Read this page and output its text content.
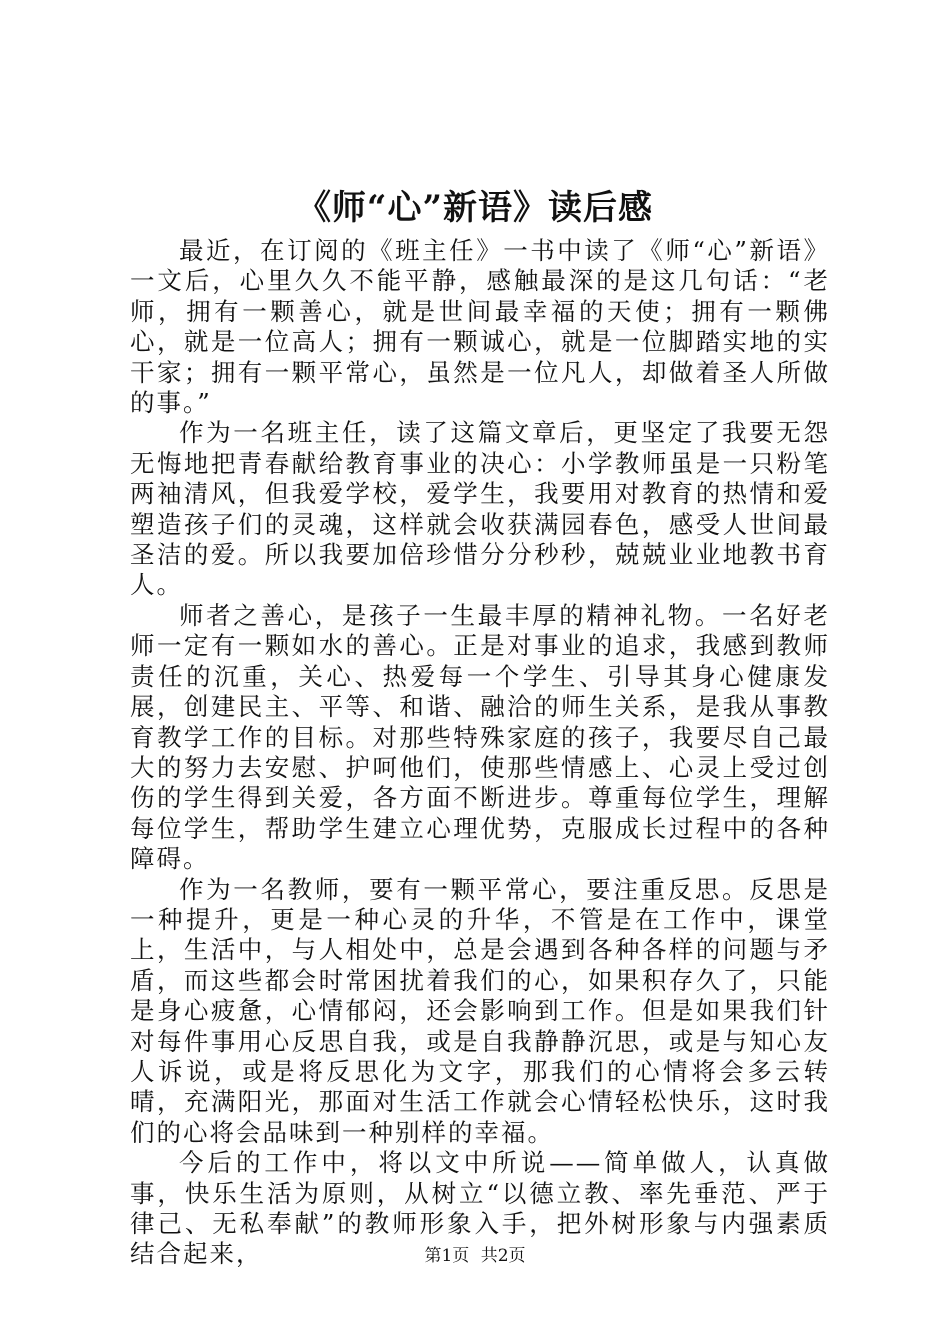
《师“心”新语》读后感

最近，在订阅的《班主任》一书中读了《师“心”新语》一文后，心里久久不能平静，感触最深的是这几句话：“老师，拥有一颗善心，就是世间最幸福的天使；拥有一颗佛心，就是一位高人；拥有一颗诚心，就是一位脚踏实地的实干家；拥有一颗平常心，虽然是一位凡人，却做着圣人所做的事。”

作为一名班主任，读了这篇文章后，更坚定了我要无怨无悔地把青春献给教育事业的决心：小学教师虽是一只粉笔两袖清风，但我爱学校，爱学生，我要用对教育的热情和爱塑造孩子们的灵魂，这样就会收获满园春色，感受人世间最圣洁的爱。所以我要加倍珍惜分分秒秒，兢兢业业地教书育人。

师者之善心，是孩子一生最丰厚的精神礼物。一名好老师一定有一颗如水的善心。正是对事业的追求，我感到教师责任的沉重，关心、热爱每一个学生、引导其身心健康发展，创建民主、平等、和谐、融洽的师生关系，是我从事教育教学工作的目标。对那些特殊家庭的孩子，我要尽自己最大的努力去安慰、护呵他们，使那些情感上、心灵上受过创伤的学生得到关爱，各方面不断进步。尊重每位学生，理解每位学生，帮助学生建立心理优势，克服成长过程中的各种障碍。

作为一名教师，要有一颗平常心，要注重反思。反思是一种提升，更是一种心灵的升华，不管是在工作中，课堂上，生活中，与人相处中，总是会遇到各种各样的问题与矛盾，而这些都会时常困扰着我们的心，如果积存久了，只能是身心疲惫，心情郁闷，还会影响到工作。但是如果我们针对每件事用心反思自我，或是自我静静沉思，或是与知心友人诉说，或是将反思化为文字，那我们的心情将会多云转晴，充满阳光，那面对生活工作就会心情轻松快乐，这时我们的心将会品味到一种别样的幸福。

今后的工作中，将以文中所说——简单做人，认真做事，快乐生活为原则，从树立“以德立教、率先垂范、严于律己、无私奉献”的教师形象入手，把外树形象与内强素质结合起来，	第1页 共2页
